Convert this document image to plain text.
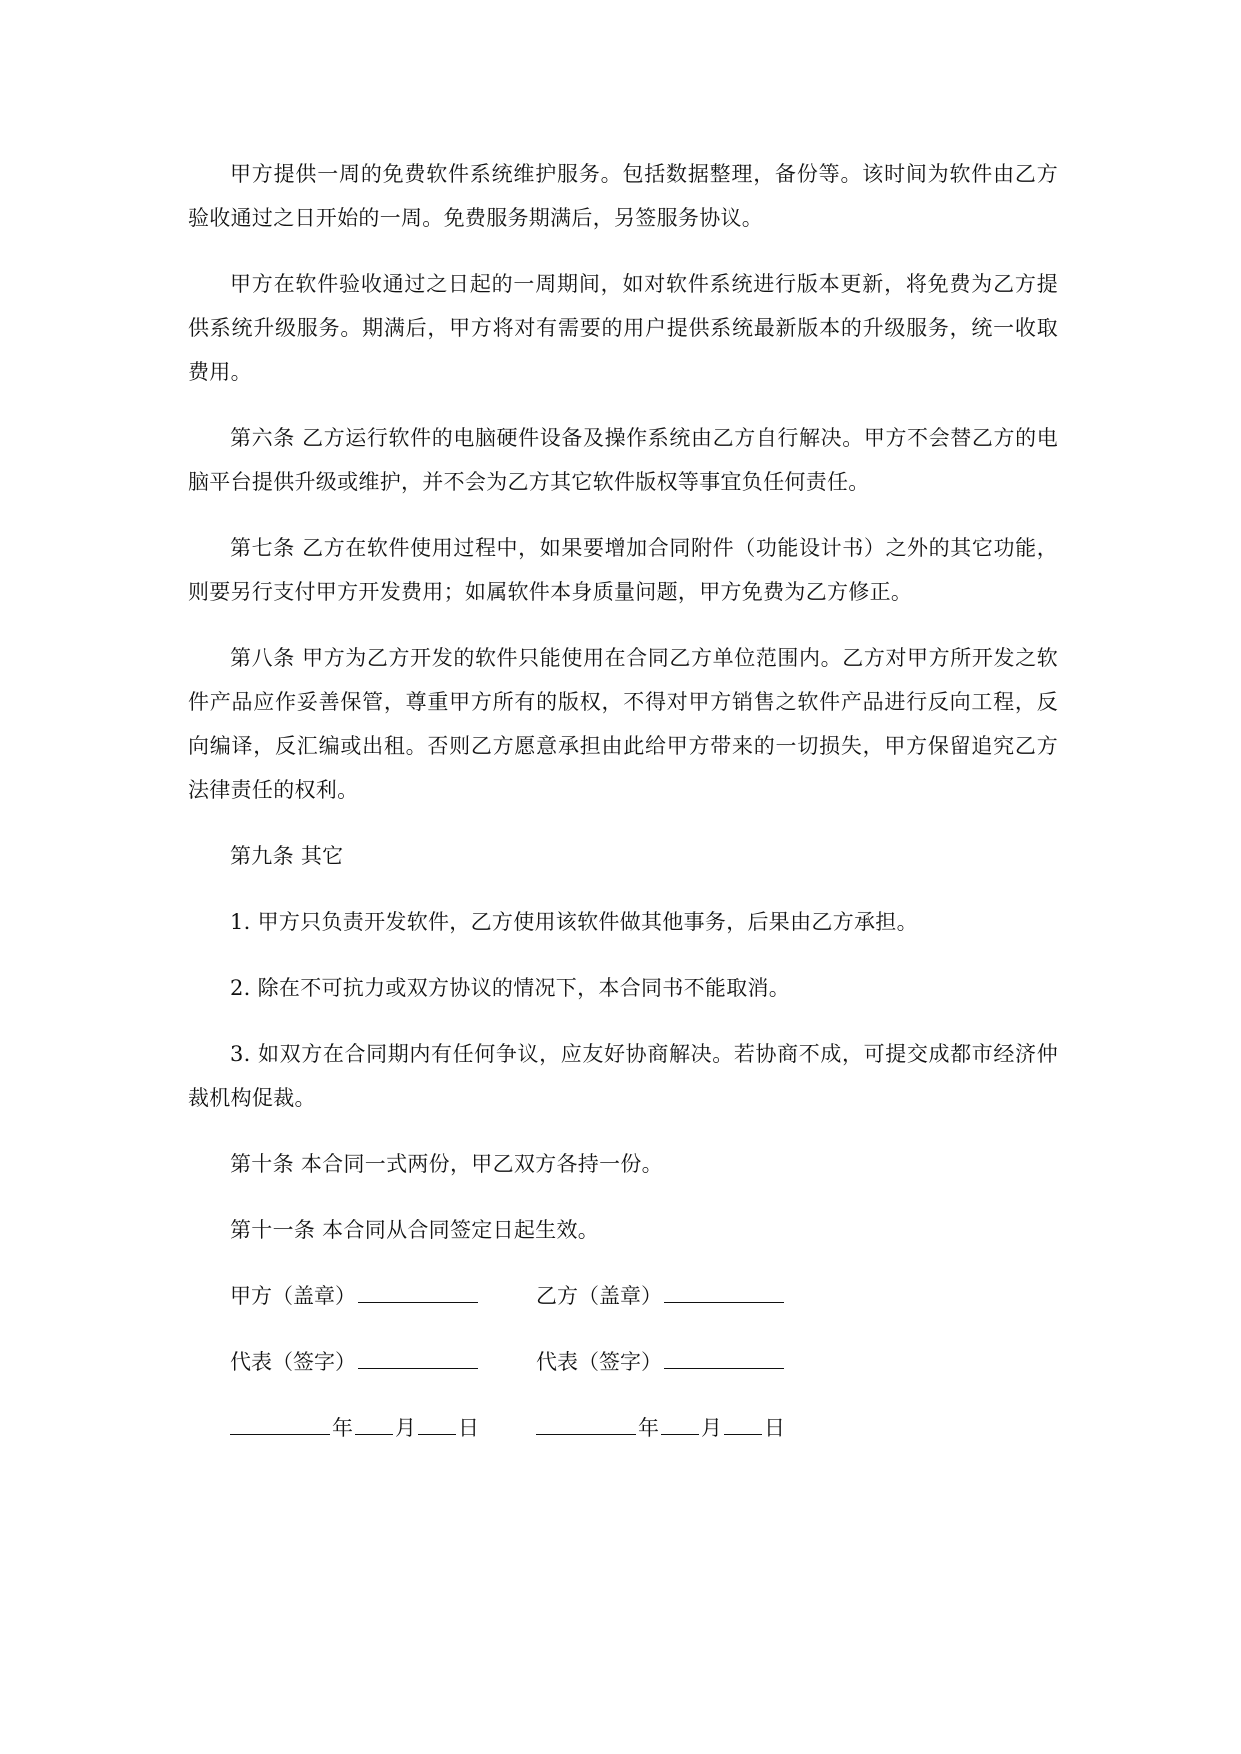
甲方提供一周的免费软件系统维护服务。包括数据整理，备份等。该时间为软件由乙方验收通过之日开始的一周。免费服务期满后，另签服务协议。

甲方在软件验收通过之日起的一周期间，如对软件系统进行版本更新，将免费为乙方提供系统升级服务。期满后，甲方将对有需要的用户提供系统最新版本的升级服务，统一收取费用。

第六条 乙方运行软件的电脑硬件设备及操作系统由乙方自行解决。甲方不会替乙方的电脑平台提供升级或维护，并不会为乙方其它软件版权等事宜负任何责任。

第七条 乙方在软件使用过程中，如果要增加合同附件（功能设计书）之外的其它功能，则要另行支付甲方开发费用；如属软件本身质量问题，甲方免费为乙方修正。

第八条 甲方为乙方开发的软件只能使用在合同乙方单位范围内。乙方对甲方所开发之软件产品应作妥善保管，尊重甲方所有的版权，不得对甲方销售之软件产品进行反向工程，反向编译，反汇编或出租。否则乙方愿意承担由此给甲方带来的一切损失，甲方保留追究乙方法律责任的权利。

第九条 其它

1. 甲方只负责开发软件，乙方使用该软件做其他事务，后果由乙方承担。

2. 除在不可抗力或双方协议的情况下，本合同书不能取消。

3. 如双方在合同期内有任何争议，应友好协商解决。若协商不成，可提交成都市经济仲裁机构促裁。

第十条 本合同一式两份，甲乙双方各持一份。

第十一条 本合同从合同签定日起生效。

甲方（盖章）	乙方（盖章）
代表（签字）	代表（签字）
年 月 日	年 月 日
